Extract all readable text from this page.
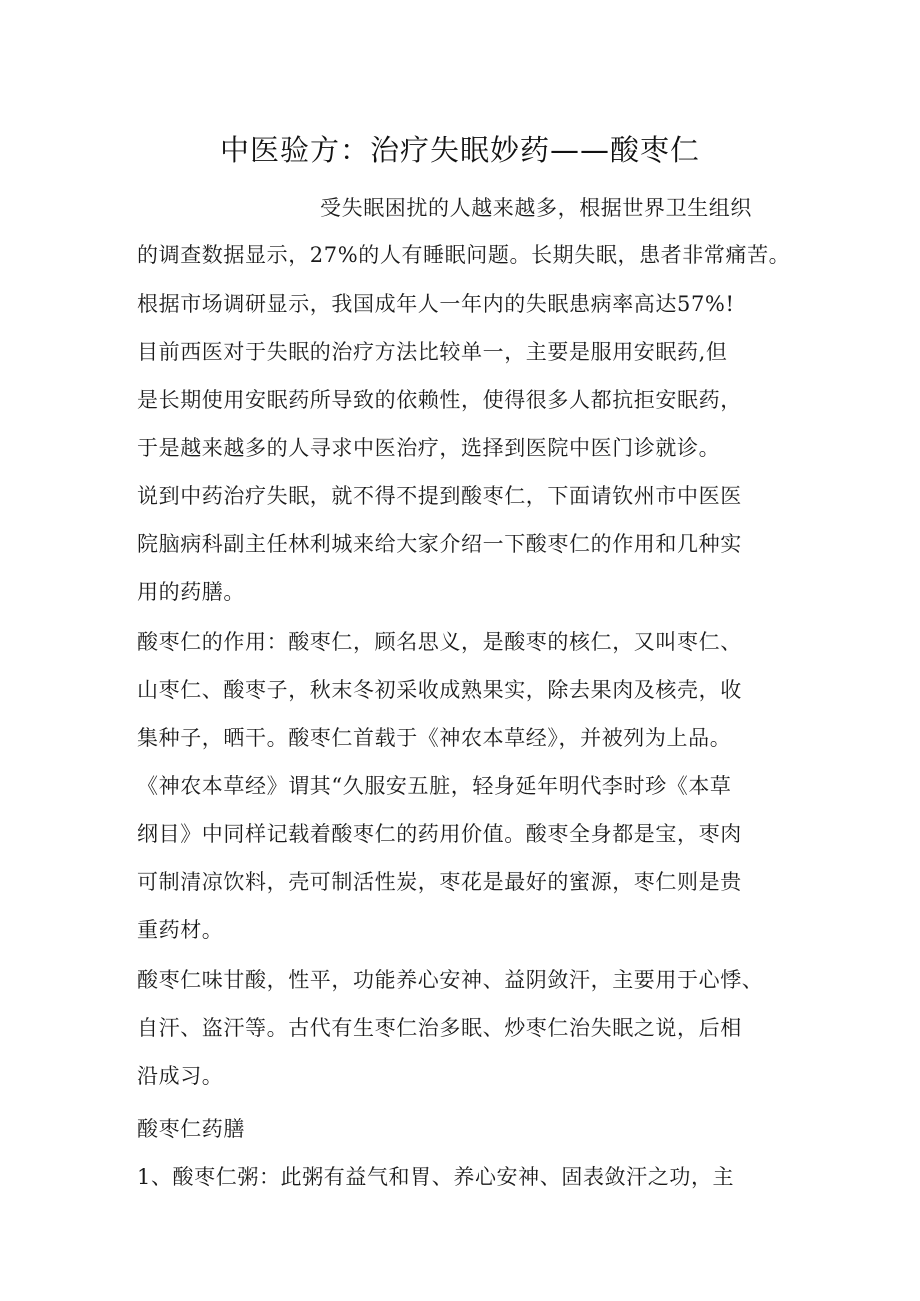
中医验方：治疗失眠妙药——酸枣仁
受失眠困扰的人越来越多，根据世界卫生组织
的调查数据显示，27%的人有睡眠问题。长期失眠，患者非常痛苦。
根据市场调研显示，我国成年人一年内的失眠患病率高达57%!
目前西医对于失眠的治疗方法比较单一，主要是服用安眠药,但
是长期使用安眠药所导致的依赖性，使得很多人都抗拒安眠药，
于是越来越多的人寻求中医治疗，选择到医院中医门诊就诊。
说到中药治疗失眠，就不得不提到酸枣仁，下面请钦州市中医医
院脑病科副主任林利城来给大家介绍一下酸枣仁的作用和几种实
用的药膳。
酸枣仁的作用：酸枣仁，顾名思义，是酸枣的核仁，又叫枣仁、
山枣仁、酸枣子，秋末冬初采收成熟果实，除去果肉及核壳，收
集种子，晒干。酸枣仁首载于《神农本草经》，并被列为上品。
《神农本草经》谓其“久服安五脏，轻身延年明代李时珍《本草
纲目》中同样记载着酸枣仁的药用价值。酸枣全身都是宝，枣肉
可制清凉饮料，壳可制活性炭，枣花是最好的蜜源，枣仁则是贵
重药材。
酸枣仁味甘酸，性平，功能养心安神、益阴敛汗，主要用于心悸、
自汗、盗汗等。古代有生枣仁治多眠、炒枣仁治失眠之说，后相
沿成习。
酸枣仁药膳
1、酸枣仁粥：此粥有益气和胃、养心安神、固表敛汗之功，主
